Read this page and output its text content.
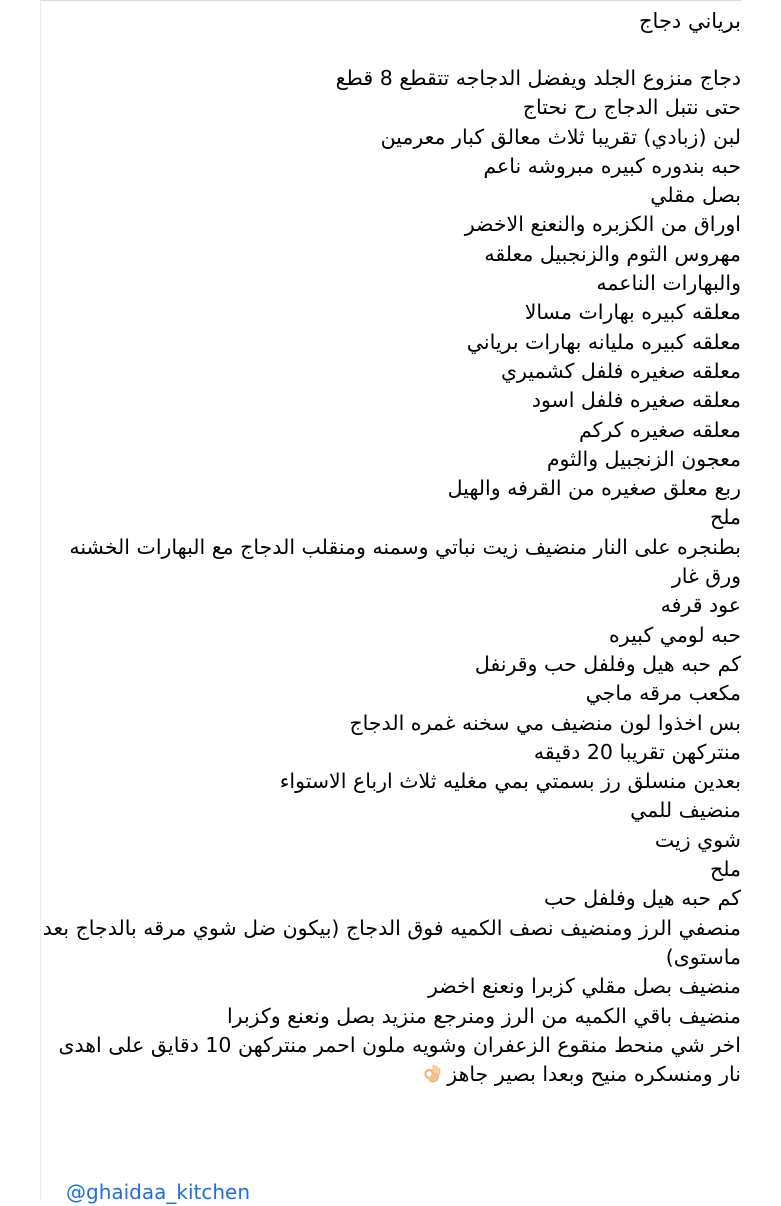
برياني دجاج
دجاج منزوع الجلد ويفضل الدجاجه تتقطع 8 قطع
حتى نتبل الدجاج رح نحتاج
لبن (زبادي) تقريبا ثلاث معالق كبار معرمين
حبه بندوره كبيره مبروشه ناعم
بصل مقلي
اوراق من الكزبره والنعنع الاخضر
مهروس الثوم والزنجبيل معلقه
والبهارات الناعمه
معلقه كبيره بهارات مسالا
معلقه كبيره مليانه بهارات برياني
معلقه صغيره فلفل كشميري
معلقه صغيره فلفل اسود
معلقه صغيره كركم
معجون الزنجبيل والثوم
ربع معلق صغيره من القرفه والهيل
ملح
بطنجره على النار منضيف زيت نباتي وسمنه ومنقلب الدجاج مع البهارات الخشنه
ورق غار
عود قرفه
حبه لومي كبيره
كم حبه هيل وفلفل حب وقرنفل
مكعب مرقه ماجي
بس اخذوا لون منضيف مي سخنه غمره الدجاج
منتركهن تقريبا 20 دقيقه
بعدين منسلق رز بسمتي بمي مغليه ثلاث ارباع الاستواء
منضيف للمي
شوي زيت
ملح
كم حبه هيل وفلفل حب
منصفي الرز ومنضيف نصف الكميه فوق الدجاج (بيكون ضل شوي مرقه بالدجاج بعد ماستوى)
منضيف بصل مقلي كزبرا ونعنع اخضر
منضيف باقي الكميه من الرز ومنرجع منزيد بصل ونعنع وكزبرا
اخر شي منحط منقوع الزعفران وشويه ملون احمر منتركهن 10 دقايق على اهدى نار ومنسكره منيح وبعدا بصير جاهز
@ghaidaa_kitchen
